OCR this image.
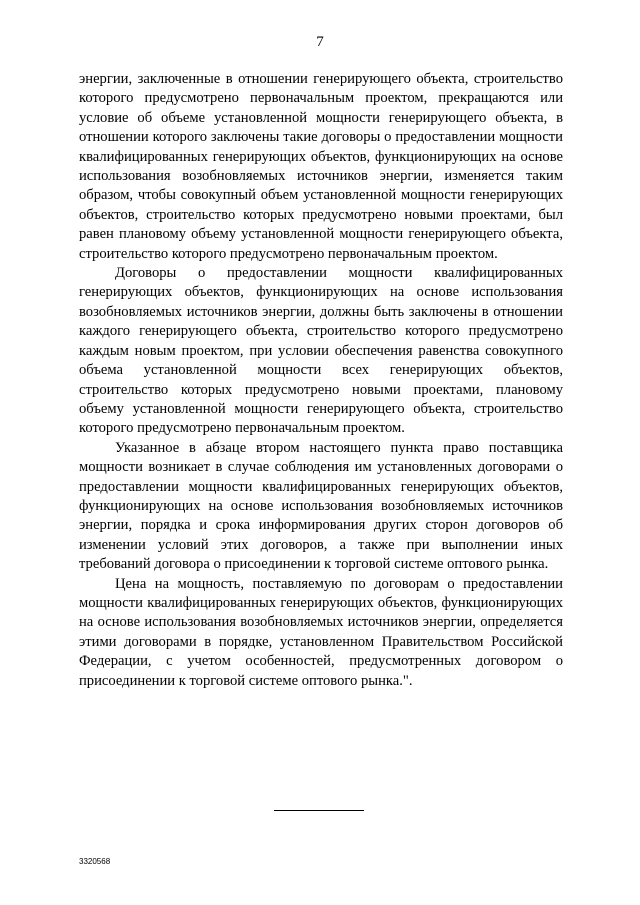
7

энергии, заключенные в отношении генерирующего объекта, строительство которого предусмотрено первоначальным проектом, прекращаются или условие об объеме установленной мощности генерирующего объекта, в отношении которого заключены такие договоры о предоставлении мощности квалифицированных генерирующих объектов, функционирующих на основе использования возобновляемых источников энергии, изменяется таким образом, чтобы совокупный объем установленной мощности генерирующих объектов, строительство которых предусмотрено новыми проектами, был равен плановому объему установленной мощности генерирующего объекта, строительство которого предусмотрено первоначальным проектом.

Договоры о предоставлении мощности квалифицированных генерирующих объектов, функционирующих на основе использования возобновляемых источников энергии, должны быть заключены в отношении каждого генерирующего объекта, строительство которого предусмотрено каждым новым проектом, при условии обеспечения равенства совокупного объема установленной мощности всех генерирующих объектов, строительство которых предусмотрено новыми проектами, плановому объему установленной мощности генерирующего объекта, строительство которого предусмотрено первоначальным проектом.

Указанное в абзаце втором настоящего пункта право поставщика мощности возникает в случае соблюдения им установленных договорами о предоставлении мощности квалифицированных генерирующих объектов, функционирующих на основе использования возобновляемых источников энергии, порядка и срока информирования других сторон договоров об изменении условий этих договоров, а также при выполнении иных требований договора о присоединении к торговой системе оптового рынка.

Цена на мощность, поставляемую по договорам о предоставлении мощности квалифицированных генерирующих объектов, функционирующих на основе использования возобновляемых источников энергии, определяется этими договорами в порядке, установленном Правительством Российской Федерации, с учетом особенностей, предусмотренных договором о присоединении к торговой системе оптового рынка.".

3320568
